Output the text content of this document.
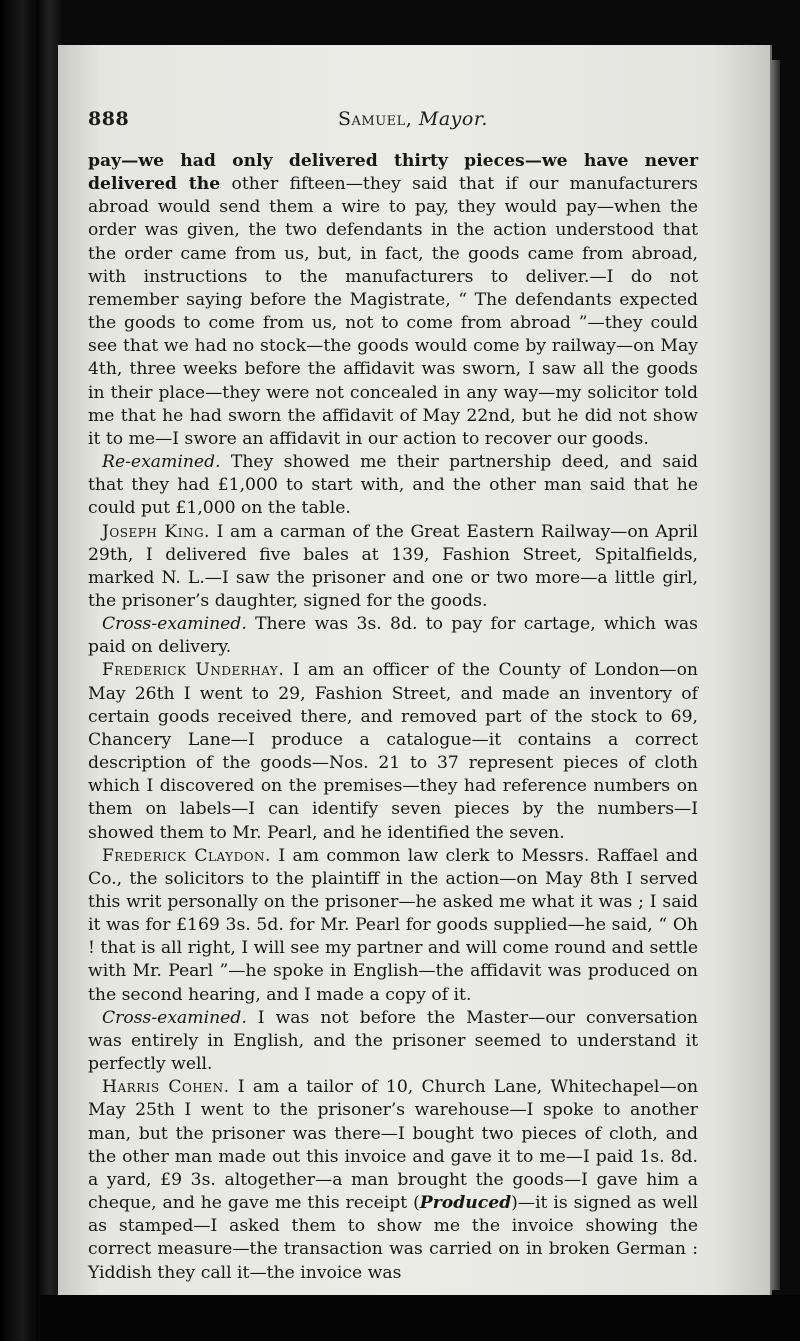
888	Samuel, Mayor.

pay—we had only delivered thirty pieces—we have never delivered the other fifteen—they said that if our manufacturers abroad would send them a wire to pay, they would pay—when the order was given, the two defendants in the action understood that the order came from us, but, in fact, the goods came from abroad, with instructions to the manufacturers to deliver.—I do not remember saying before the Magistrate, “ The defendants expected the goods to come from us, not to come from abroad ”—they could see that we had no stock—the goods would come by railway—on May 4th, three weeks before the affidavit was sworn, I saw all the goods in their place—they were not concealed in any way—my solicitor told me that he had sworn the affidavit of May 22nd, but he did not show it to me—I swore an affidavit in our action to recover our goods.

Re-examined. They showed me their partnership deed, and said that they had £1,000 to start with, and the other man said that he could put £1,000 on the table.

Joseph King. I am a carman of the Great Eastern Railway—on April 29th, I delivered five bales at 139, Fashion Street, Spitalfields, marked N. L.—I saw the prisoner and one or two more—a little girl, the prisoner’s daughter, signed for the goods.

Cross-examined. There was 3s. 8d. to pay for cartage, which was paid on delivery.

Frederick Underhay. I am an officer of the County of London—on May 26th I went to 29, Fashion Street, and made an inventory of certain goods received there, and removed part of the stock to 69, Chancery Lane—I produce a catalogue—it contains a correct description of the goods—Nos. 21 to 37 represent pieces of cloth which I discovered on the premises—they had reference numbers on them on labels—I can identify seven pieces by the numbers—I showed them to Mr. Pearl, and he identified the seven.

Frederick Claydon. I am common law clerk to Messrs. Raffael and Co., the solicitors to the plaintiff in the action—on May 8th I served this writ personally on the prisoner—he asked me what it was ; I said it was for £169 3s. 5d. for Mr. Pearl for goods supplied—he said, “ Oh ! that is all right, I will see my partner and will come round and settle with Mr. Pearl ”—he spoke in English—the affidavit was produced on the second hearing, and I made a copy of it.

Cross-examined. I was not before the Master—our conversation was entirely in English, and the prisoner seemed to understand it perfectly well.

Harris Cohen. I am a tailor of 10, Church Lane, Whitechapel—on May 25th I went to the prisoner’s warehouse—I spoke to another man, but the prisoner was there—I bought two pieces of cloth, and the other man made out this invoice and gave it to me—I paid 1s. 8d. a yard, £9 3s. altogether—a man brought the goods—I gave him a cheque, and he gave me this receipt (Produced)—it is signed as well as stamped—I asked them to show me the invoice showing the correct measure—the transaction was carried on in broken German : Yiddish they call it—the invoice was
